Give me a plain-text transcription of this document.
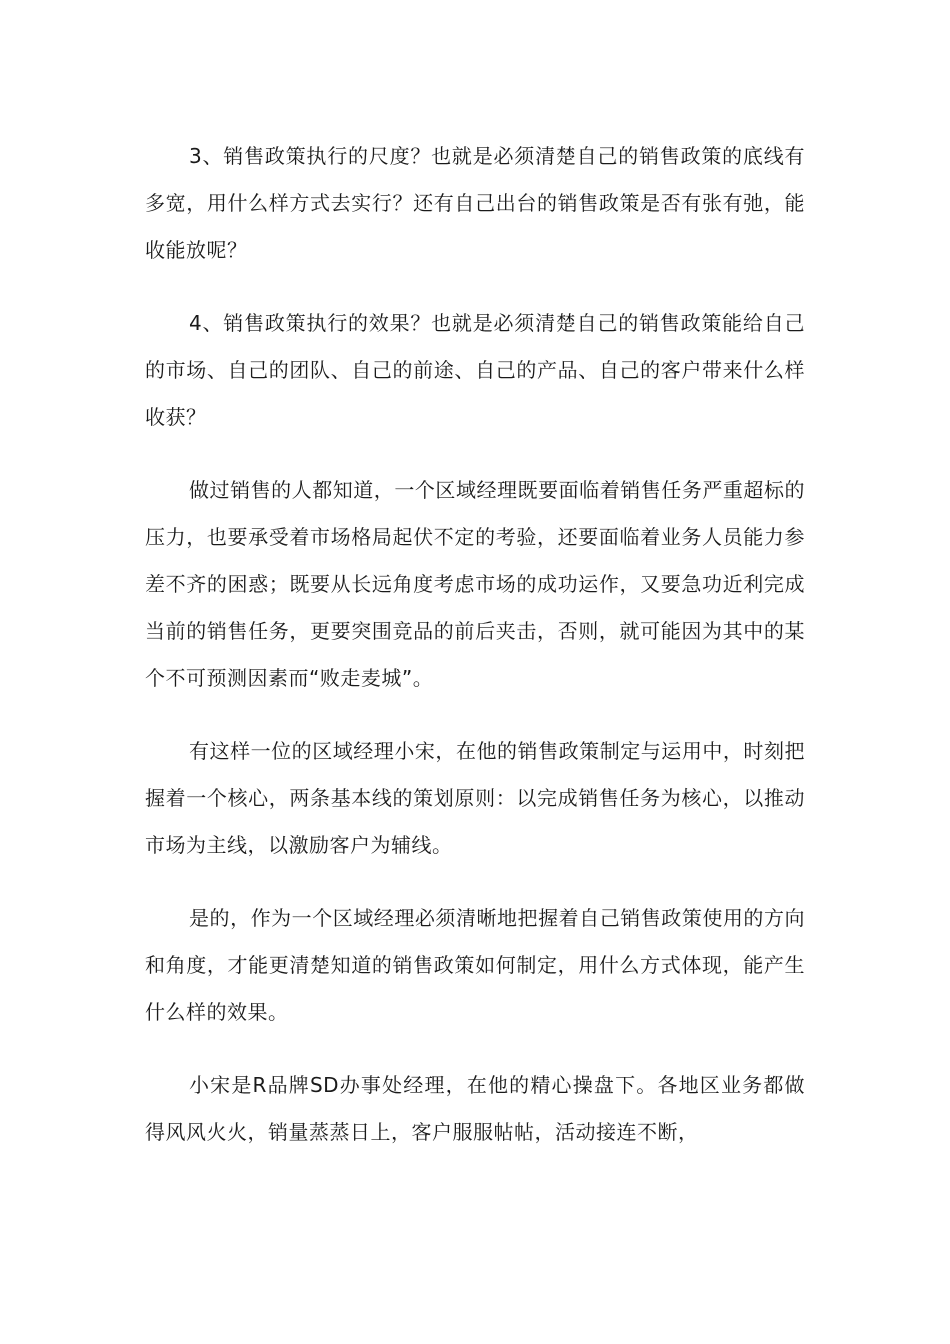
3、销售政策执行的尺度？也就是必须清楚自己的销售政策的底线有多宽，用什么样方式去实行？还有自己出台的销售政策是否有张有弛，能收能放呢？

4、销售政策执行的效果？也就是必须清楚自己的销售政策能给自己的市场、自己的团队、自己的前途、自己的产品、自己的客户带来什么样收获？

做过销售的人都知道，一个区域经理既要面临着销售任务严重超标的压力，也要承受着市场格局起伏不定的考验，还要面临着业务人员能力参差不齐的困惑；既要从长远角度考虑市场的成功运作，又要急功近利完成当前的销售任务，更要突围竞品的前后夹击，否则，就可能因为其中的某个不可预测因素而“败走麦城”。

有这样一位的区域经理小宋，在他的销售政策制定与运用中，时刻把握着一个核心，两条基本线的策划原则：以完成销售任务为核心，以推动市场为主线，以激励客户为辅线。

是的，作为一个区域经理必须清晰地把握着自己销售政策使用的方向和角度，才能更清楚知道的销售政策如何制定，用什么方式体现，能产生什么样的效果。

小宋是R品牌SD办事处经理，在他的精心操盘下。各地区业务都做得风风火火，销量蒸蒸日上，客户服服帖帖，活动接连不断，
